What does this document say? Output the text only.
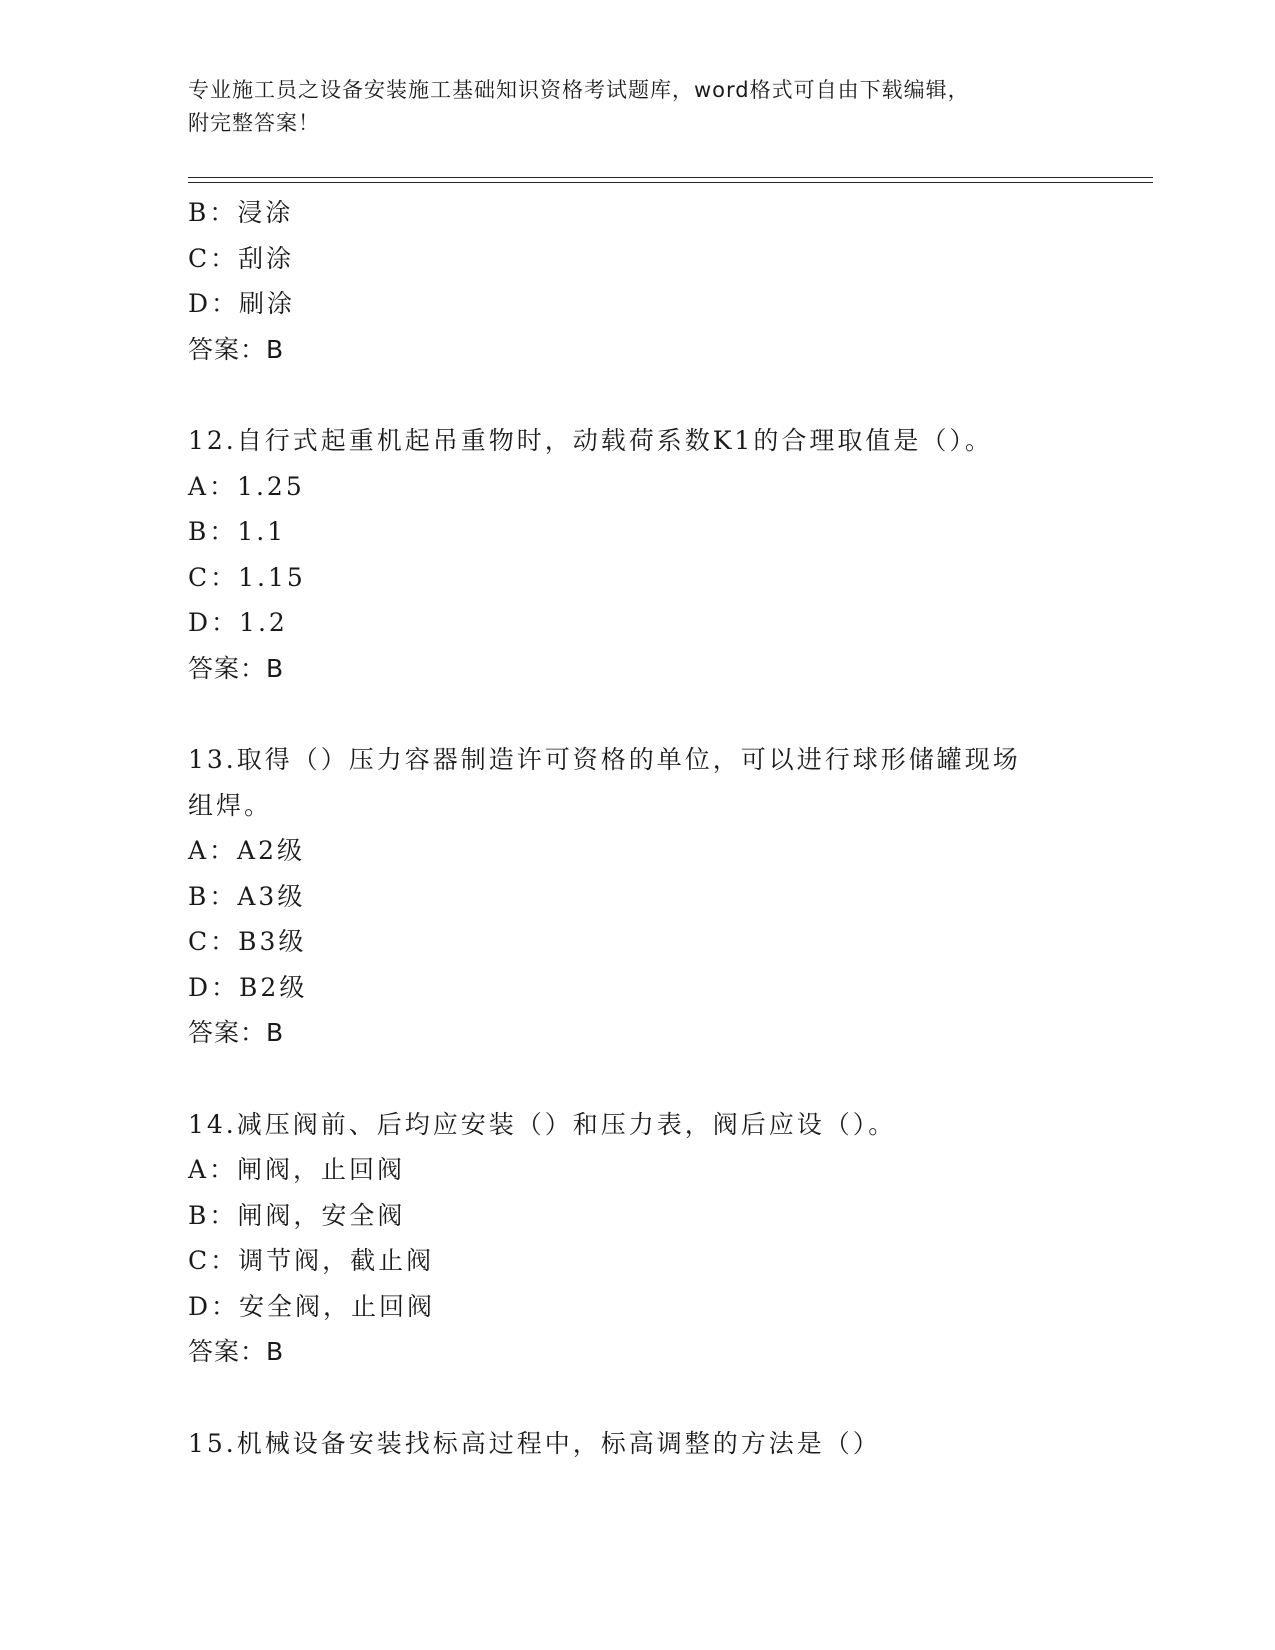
专业施工员之设备安装施工基础知识资格考试题库，word格式可自由下载编辑，
附完整答案！
B：浸涂
C：刮涂
D：刷涂
答案：B
12.自行式起重机起吊重物时，动载荷系数K1的合理取值是（）。
A：1.25
B：1.1
C：1.15
D：1.2
答案：B
13.取得（）压力容器制造许可资格的单位，可以进行球形储罐现场
组焊。
A：A2级
B：A3级
C：B3级
D：B2级
答案：B
14.减压阀前、后均应安装（）和压力表，阀后应设（）。
A：闸阀，止回阀
B：闸阀，安全阀
C：调节阀，截止阀
D：安全阀，止回阀
答案：B
15.机械设备安装找标高过程中，标高调整的方法是（）
